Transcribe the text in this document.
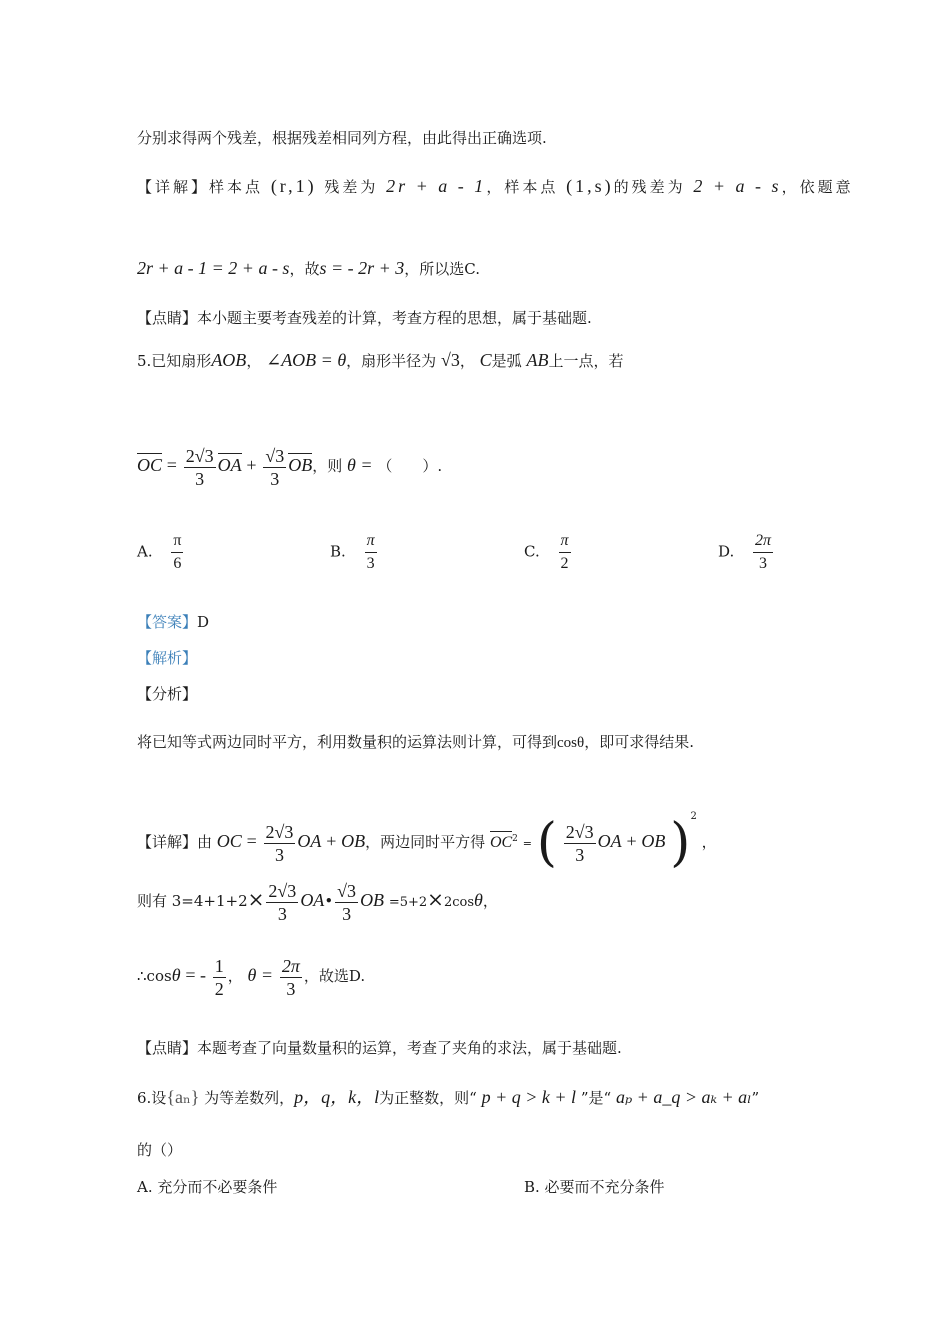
分别求得两个残差，根据残差相同列方程，由此得出正确选项.
【详解】样本点 (r,1) 残差为 2r + a - 1，样本点 (1,s)的残差为 2 + a - s，依题意
2r + a - 1 = 2 + a - s，故s = - 2r + 3，所以选C.
【点睛】本小题主要考查残差的计算，考查方程的思想，属于基础题.
5.已知扇形AOB， ∠AOB = θ，扇形半径为 √3， C是弧 AB上一点，若
OC = $\frac{2√3}{3}$ OA + $\frac{√3}{3}$ OB，则 θ = （　　）.
A. $\frac{\pi}{6}$	B. $\frac{\pi}{3}$	C. $\frac{\pi}{2}$	D. $\frac{2\pi}{3}$
【答案】D
【解析】
【分析】
将已知等式两边同时平方，利用数量积的运算法则计算，可得到cosθ，即可求得结果.
【详解】由 OC = $\frac{2√3}{3}$ OA + OB，两边同时平方得 $OC^2$ = ( $\frac{2√3}{3}$ OA + OB )$^2$ ，
则有 $3=4+1+2\times \frac{2√3}{3}$ OA• $\frac{√3}{3}$ OB =5+2×2cosθ，
∴cosθ = - $\frac{1}{2}$ ， $\theta = \frac{2\pi}{3}$ ，故选D.
【点睛】本题考查了向量数量积的运算，考查了夹角的求法，属于基础题.
6.设{aₙ} 为等差数列，p，q，k，l为正整数，则“ p + q > k + l ”是“ aₚ + a_q > aₖ + aₗ”
的（）
A. 充分而不必要条件	B. 必要而不充分条件
